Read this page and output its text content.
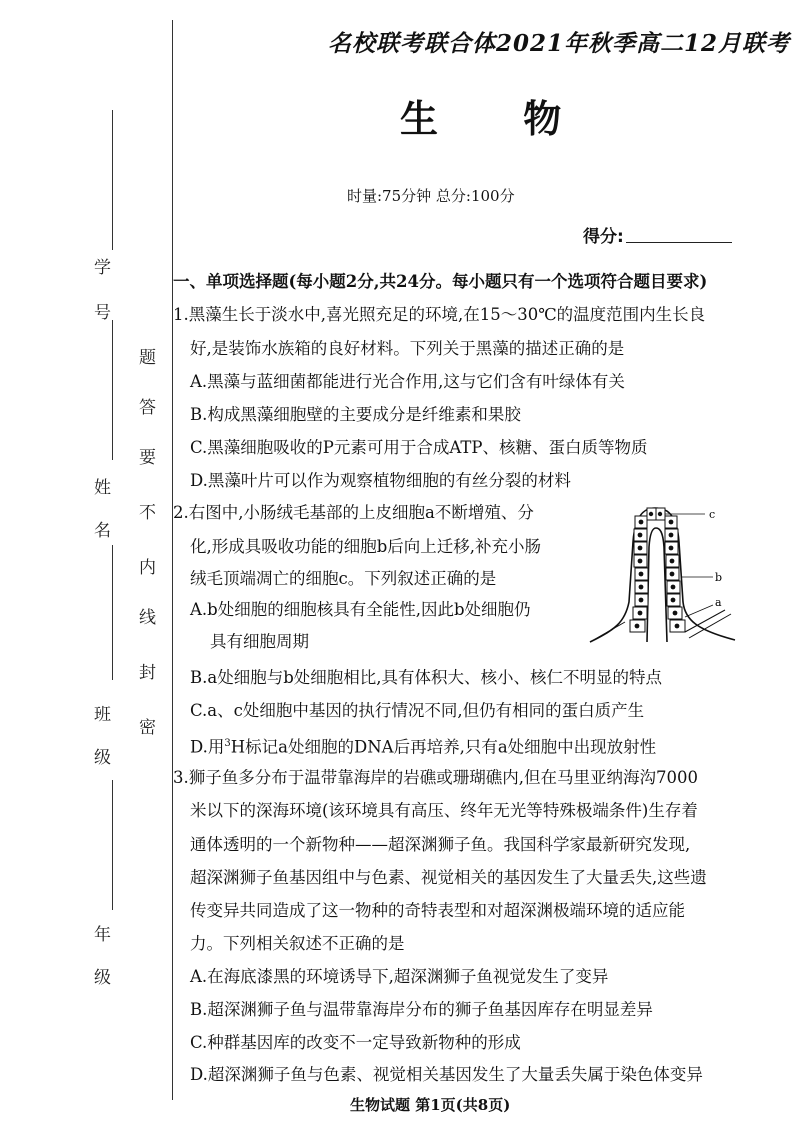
学号
姓名
班级
年级
题
答
要
不
内
线
封
密
名校联考联合体2021年秋季高二12月联考
生 物
时量:75分钟 总分:100分
得分:
一、单项选择题(每小题2分,共24分。每小题只有一个选项符合题目要求)
1.黑藻生长于淡水中,喜光照充足的环境,在15～30℃的温度范围内生长良
好,是装饰水族箱的良好材料。下列关于黑藻的描述正确的是
A.黑藻与蓝细菌都能进行光合作用,这与它们含有叶绿体有关
B.构成黑藻细胞壁的主要成分是纤维素和果胶
C.黑藻细胞吸收的P元素可用于合成ATP、核糖、蛋白质等物质
D.黑藻叶片可以作为观察植物细胞的有丝分裂的材料
2.右图中,小肠绒毛基部的上皮细胞a不断增殖、分
化,形成具吸收功能的细胞b后向上迁移,补充小肠
绒毛顶端凋亡的细胞c。下列叙述正确的是
A.b处细胞的细胞核具有全能性,因此b处细胞仍
具有细胞周期
B.a处细胞与b处细胞相比,具有体积大、核小、核仁不明显的特点
C.a、c处细胞中基因的执行情况不同,但仍有相同的蛋白质产生
D.用$^3$H标记a处细胞的DNA后再培养,只有a处细胞中出现放射性
c
b
a
3.狮子鱼多分布于温带靠海岸的岩礁或珊瑚礁内,但在马里亚纳海沟7000
米以下的深海环境(该环境具有高压、终年无光等特殊极端条件)生存着
通体透明的一个新物种——超深渊狮子鱼。我国科学家最新研究发现,
超深渊狮子鱼基因组中与色素、视觉相关的基因发生了大量丢失,这些遗
传变异共同造成了这一物种的奇特表型和对超深渊极端环境的适应能
力。下列相关叙述不正确的是
A.在海底漆黑的环境诱导下,超深渊狮子鱼视觉发生了变异
B.超深渊狮子鱼与温带靠海岸分布的狮子鱼基因库存在明显差异
C.种群基因库的改变不一定导致新物种的形成
D.超深渊狮子鱼与色素、视觉相关基因发生了大量丢失属于染色体变异
生物试题 第1页(共8页)
